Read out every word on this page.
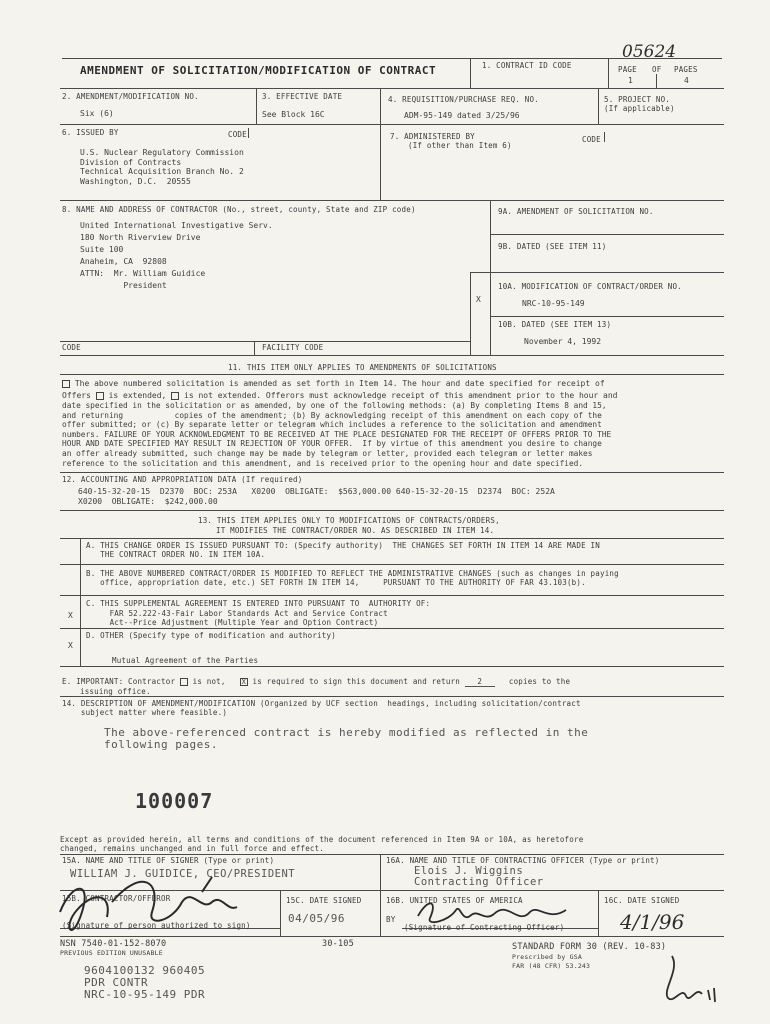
05624
AMENDMENT OF SOLICITATION/MODIFICATION OF CONTRACT	1. CONTRACT ID CODE	PAGE OF PAGES
1	4
2. AMENDMENT/MODIFICATION NO.
Six (6)
3. EFFECTIVE DATE
See Block 16C
4. REQUISITION/PURCHASE REQ. NO.
ADM-95-149 dated 3/25/96
5. PROJECT NO.
(If applicable)
6. ISSUED BY	CODE
U.S. Nuclear Regulatory Commission
Division of Contracts
Technical Acquisition Branch No. 2
Washington, D.C.  20555
7. ADMINISTERED BY
(If other than Item 6)
CODE
8. NAME AND ADDRESS OF CONTRACTOR (No., street, county, State and ZIP code)
United International Investigative Serv.
180 North Riverview Drive
Suite 100
Anaheim, CA  92808
ATTN:  Mr. William Guidice
President
9A. AMENDMENT OF SOLICITATION NO.
9B. DATED (SEE ITEM 11)
10A. MODIFICATION OF CONTRACT/ORDER NO.
X	NRC-10-95-149
10B. DATED (SEE ITEM 13)
November 4, 1992
CODE	FACILITY CODE
11. THIS ITEM ONLY APPLIES TO AMENDMENTS OF SOLICITATIONS
The above numbered solicitation is amended as set forth in Item 14. The hour and date specified for receipt of
Offers is extended, is not extended. Offerors must acknowledge receipt of this amendment prior to the hour and
date specified in the solicitation or as amended, by one of the following methods: (a) By completing Items 8 and 15,
and returning           copies of the amendment; (b) By acknowledging receipt of this amendment on each copy of the
offer submitted; or (c) By separate letter or telegram which includes a reference to the solicitation and amendment
numbers. FAILURE OF YOUR ACKNOWLEDGMENT TO BE RECEIVED AT THE PLACE DESIGNATED FOR THE RECEIPT OF OFFERS PRIOR TO THE
HOUR AND DATE SPECIFIED MAY RESULT IN REJECTION OF YOUR OFFER.  If by virtue of this amendment you desire to change
an offer already submitted, such change may be made by telegram or letter, provided each telegram or letter makes
reference to the solicitation and this amendment, and is received prior to the opening hour and date specified.
12. ACCOUNTING AND APPROPRIATION DATA (If required)
640-15-32-20-15  D2370  BOC: 253A   X0200  OBLIGATE:  $563,000.00 640-15-32-20-15  D2374  BOC: 252A
X0200  OBLIGATE:  $242,000.00
13. THIS ITEM APPLIES ONLY TO MODIFICATIONS OF CONTRACTS/ORDERS,
IT MODIFIES THE CONTRACT/ORDER NO. AS DESCRIBED IN ITEM 14.
A. THIS CHANGE ORDER IS ISSUED PURSUANT TO: (Specify authority)  THE CHANGES SET FORTH IN ITEM 14 ARE MADE IN
THE CONTRACT ORDER NO. IN ITEM 10A.
B. THE ABOVE NUMBERED CONTRACT/ORDER IS MODIFIED TO REFLECT THE ADMINISTRATIVE CHANGES (such as changes in paying
office, appropriation date, etc.) SET FORTH IN ITEM 14,     PURSUANT TO THE AUTHORITY OF FAR 43.103(b).
C. THIS SUPPLEMENTAL AGREEMENT IS ENTERED INTO PURSUANT TO  AUTHORITY OF:
FAR 52.222-43-Fair Labor Standards Act and Service Contract
Act--Price Adjustment (Multiple Year and Option Contract)
X
D. OTHER (Specify type of modification and authority)
X
Mutual Agreement of the Parties
E. IMPORTANT: Contractor is not, X is required to sign this document and return 2	copies to the
issuing office.
14. DESCRIPTION OF AMENDMENT/MODIFICATION (Organized by UCF section  headings, including solicitation/contract
subject matter where feasible.)
The above-referenced contract is hereby modified as reflected in the
following pages.
100007
Except as provided herein, all terms and conditions of the document referenced in Item 9A or 10A, as heretofore
changed, remains unchanged and in full force and effect.
15A. NAME AND TITLE OF SIGNER (Type or print)
WILLIAM J. GUIDICE, CEO/PRESIDENT
16A. NAME AND TITLE OF CONTRACTING OFFICER (Type or print)
Elois J. Wiggins
Contracting Officer
15B. CONTRACTOR/OFFEROR	15C. DATE SIGNED
04/05/96
16B. UNITED STATES OF AMERICA
BY
16C. DATE SIGNED
4/1/96
(Signature of person authorized to sign)	(Signature of Contracting Officer)
NSN 7540-01-152-8070
PREVIOUS EDITION UNUSABLE
30-105	STANDARD FORM 30 (REV. 10-83)
Prescribed by GSA
FAR (48 CFR) 53.243
9604100132 960405
PDR CONTR
NRC-10-95-149 PDR
